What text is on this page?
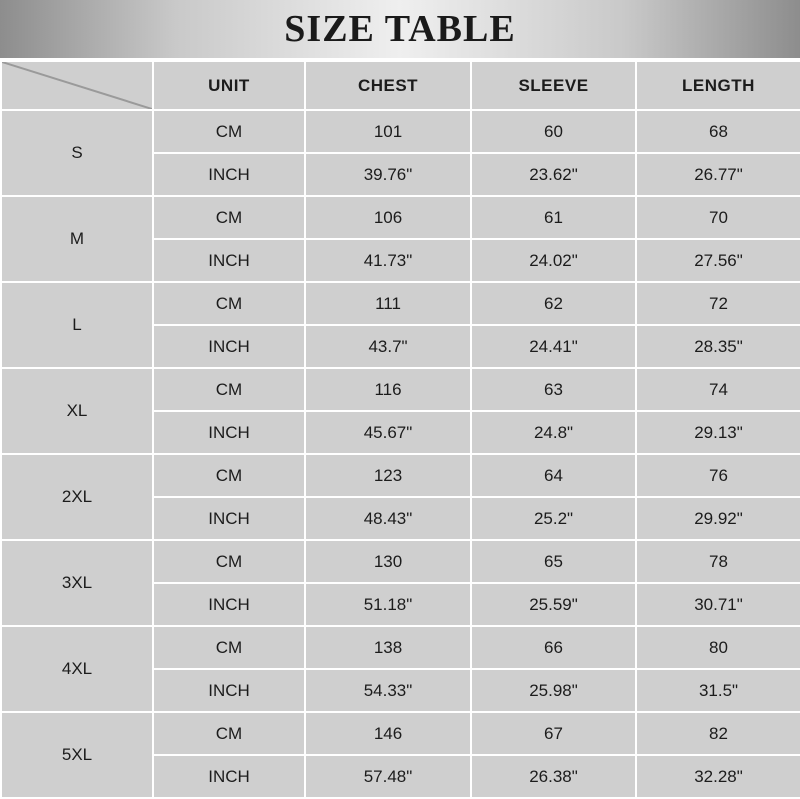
SIZE TABLE
	UNIT	CHEST	SLEEVE	LENGTH
S	CM	101	60	68
	INCH	39.76"	23.62"	26.77"
M	CM	106	61	70
	INCH	41.73"	24.02"	27.56"
L	CM	111	62	72
	INCH	43.7"	24.41"	28.35"
XL	CM	116	63	74
	INCH	45.67"	24.8"	29.13"
2XL	CM	123	64	76
	INCH	48.43"	25.2"	29.92"
3XL	CM	130	65	78
	INCH	51.18"	25.59"	30.71"
4XL	CM	138	66	80
	INCH	54.33"	25.98"	31.5"
5XL	CM	146	67	82
	INCH	57.48"	26.38"	32.28"
